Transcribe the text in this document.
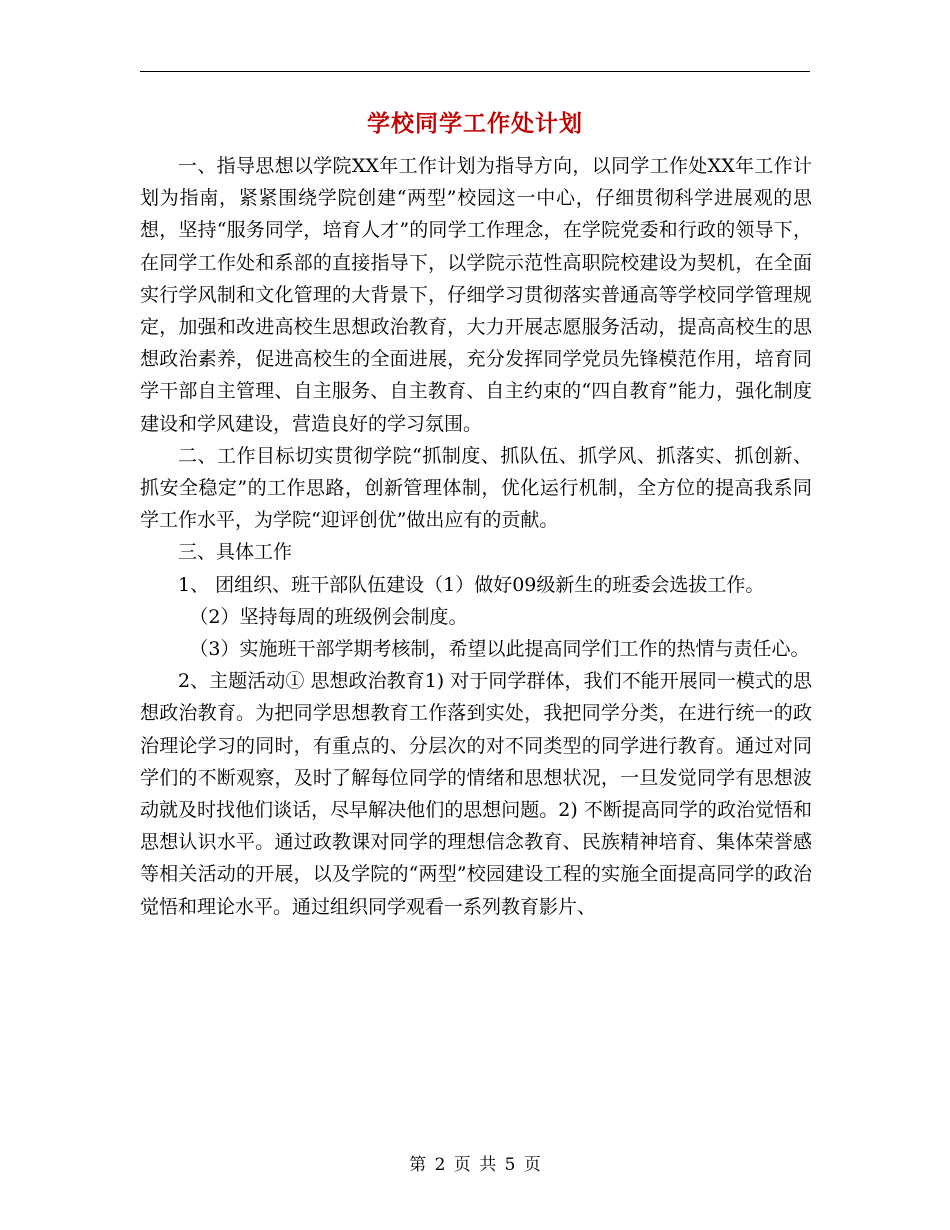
学校同学工作处计划

一、指导思想以学院XX年工作计划为指导方向，以同学工作处XX年工作计划为指南，紧紧围绕学院创建“两型”校园这一中心，仔细贯彻科学进展观的思想，坚持“服务同学，培育人才”的同学工作理念，在学院党委和行政的领导下，在同学工作处和系部的直接指导下，以学院示范性高职院校建设为契机，在全面实行学风制和文化管理的大背景下，仔细学习贯彻落实普通高等学校同学管理规定，加强和改进高校生思想政治教育，大力开展志愿服务活动，提高高校生的思想政治素养，促进高校生的全面进展，充分发挥同学党员先锋模范作用，培育同学干部自主管理、自主服务、自主教育、自主约束的“四自教育”能力，强化制度建设和学风建设，营造良好的学习氛围。

二、工作目标切实贯彻学院“抓制度、抓队伍、抓学风、抓落实、抓创新、抓安全稳定”的工作思路，创新管理体制，优化运行机制，全方位的提高我系同学工作水平，为学院“迎评创优”做出应有的贡献。

三、具体工作

1、 团组织、班干部队伍建设（1）做好09级新生的班委会选拔工作。

（2）坚持每周的班级例会制度。

（3）实施班干部学期考核制，希望以此提高同学们工作的热情与责任心。

2、主题活动① 思想政治教育1) 对于同学群体，我们不能开展同一模式的思想政治教育。为把同学思想教育工作落到实处，我把同学分类，在进行统一的政治理论学习的同时，有重点的、分层次的对不同类型的同学进行教育。通过对同学们的不断观察，及时了解每位同学的情绪和思想状况，一旦发觉同学有思想波动就及时找他们谈话，尽早解决他们的思想问题。2) 不断提高同学的政治觉悟和思想认识水平。通过政教课对同学的理想信念教育、民族精神培育、集体荣誉感等相关活动的开展，以及学院的“两型”校园建设工程的实施全面提高同学的政治觉悟和理论水平。通过组织同学观看一系列教育影片、

第 2 页 共 5 页
